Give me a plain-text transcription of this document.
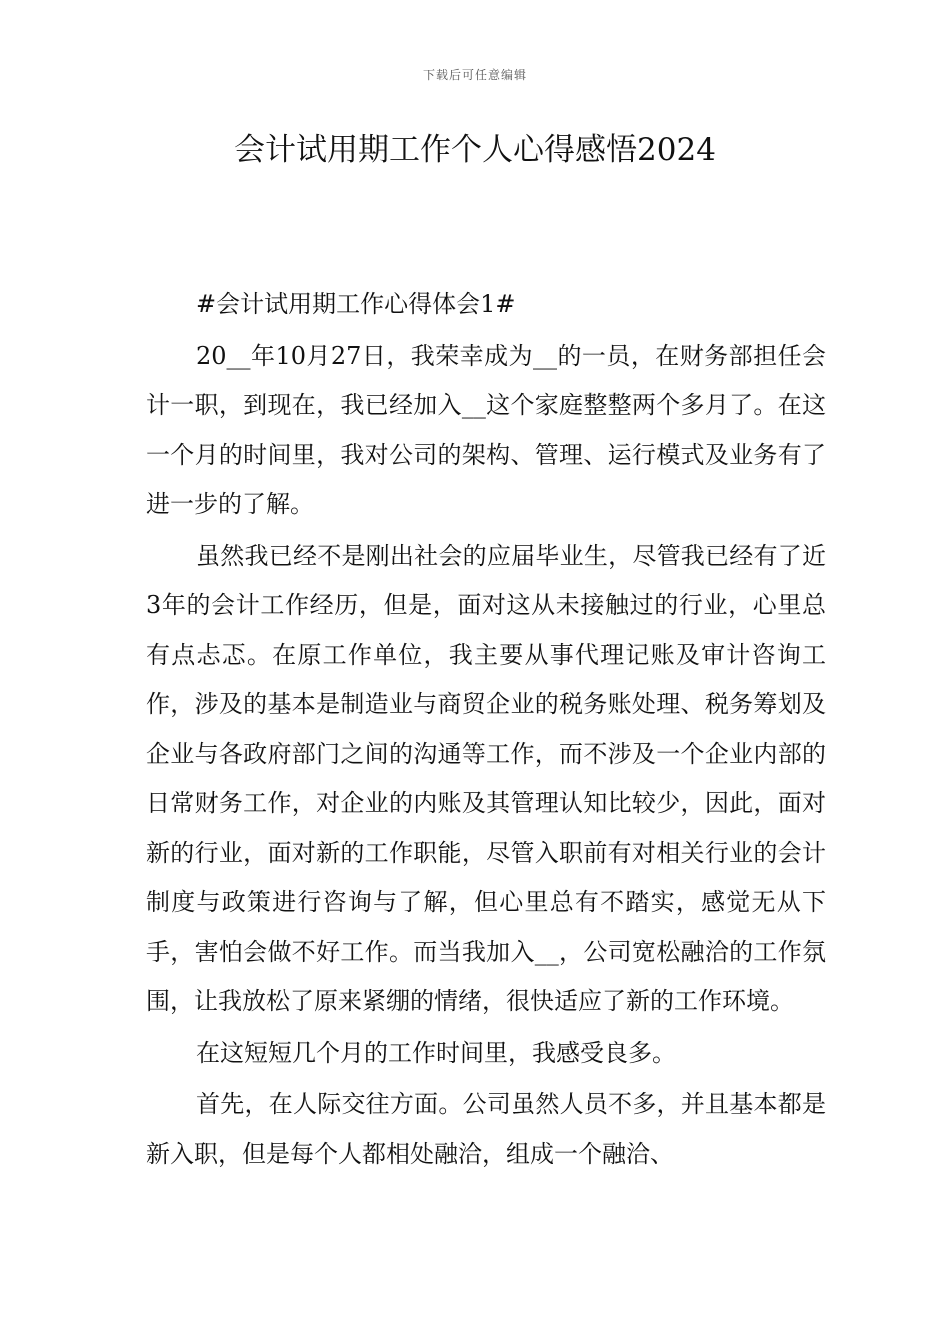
下载后可任意编辑
会计试用期工作个人心得感悟2024

#会计试用期工作心得体会1#

20__年10月27日，我荣幸成为__的一员，在财务部担任会计一职，到现在，我已经加入__这个家庭整整两个多月了。在这一个月的时间里，我对公司的架构、管理、运行模式及业务有了进一步的了解。

虽然我已经不是刚出社会的应届毕业生，尽管我已经有了近3年的会计工作经历，但是，面对这从未接触过的行业，心里总有点忐忑。在原工作单位，我主要从事代理记账及审计咨询工作，涉及的基本是制造业与商贸企业的税务账处理、税务筹划及企业与各政府部门之间的沟通等工作，而不涉及一个企业内部的日常财务工作，对企业的内账及其管理认知比较少，因此，面对新的行业，面对新的工作职能，尽管入职前有对相关行业的会计制度与政策进行咨询与了解，但心里总有不踏实，感觉无从下手，害怕会做不好工作。而当我加入__，公司宽松融洽的工作氛围，让我放松了原来紧绷的情绪，很快适应了新的工作环境。

在这短短几个月的工作时间里，我感受良多。

首先，在人际交往方面。公司虽然人员不多，并且基本都是新入职，但是每个人都相处融洽，组成一个融洽、
